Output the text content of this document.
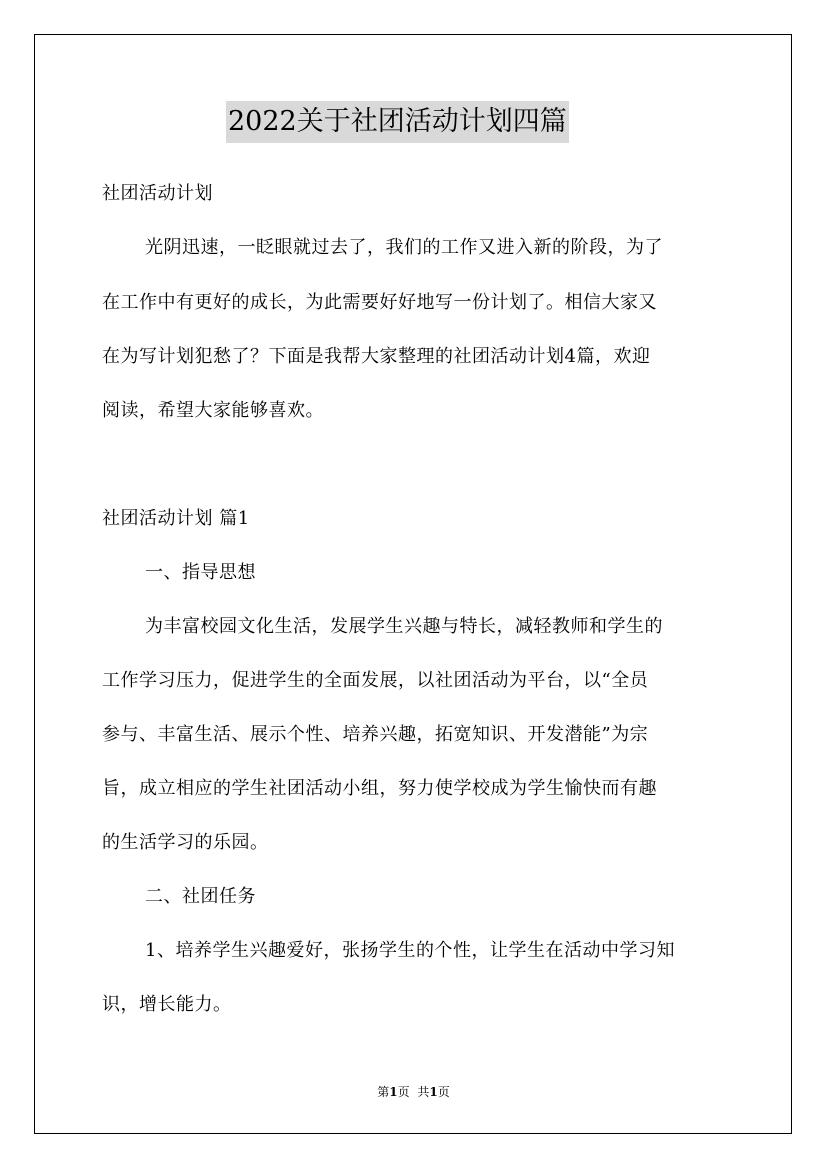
2022关于社团活动计划四篇
社团活动计划
光阴迅速，一眨眼就过去了，我们的工作又进入新的阶段，为了
在工作中有更好的成长，为此需要好好地写一份计划了。相信大家又
在为写计划犯愁了？下面是我帮大家整理的社团活动计划4篇，欢迎
阅读，希望大家能够喜欢。
社团活动计划 篇1
一、指导思想
为丰富校园文化生活，发展学生兴趣与特长，减轻教师和学生的
工作学习压力，促进学生的全面发展，以社团活动为平台，以“全员
参与、丰富生活、展示个性、培养兴趣，拓宽知识、开发潜能”为宗
旨，成立相应的学生社团活动小组，努力使学校成为学生愉快而有趣
的生活学习的乐园。
二、社团任务
1、培养学生兴趣爱好，张扬学生的个性，让学生在活动中学习知
识，增长能力。
第1页 共1页
